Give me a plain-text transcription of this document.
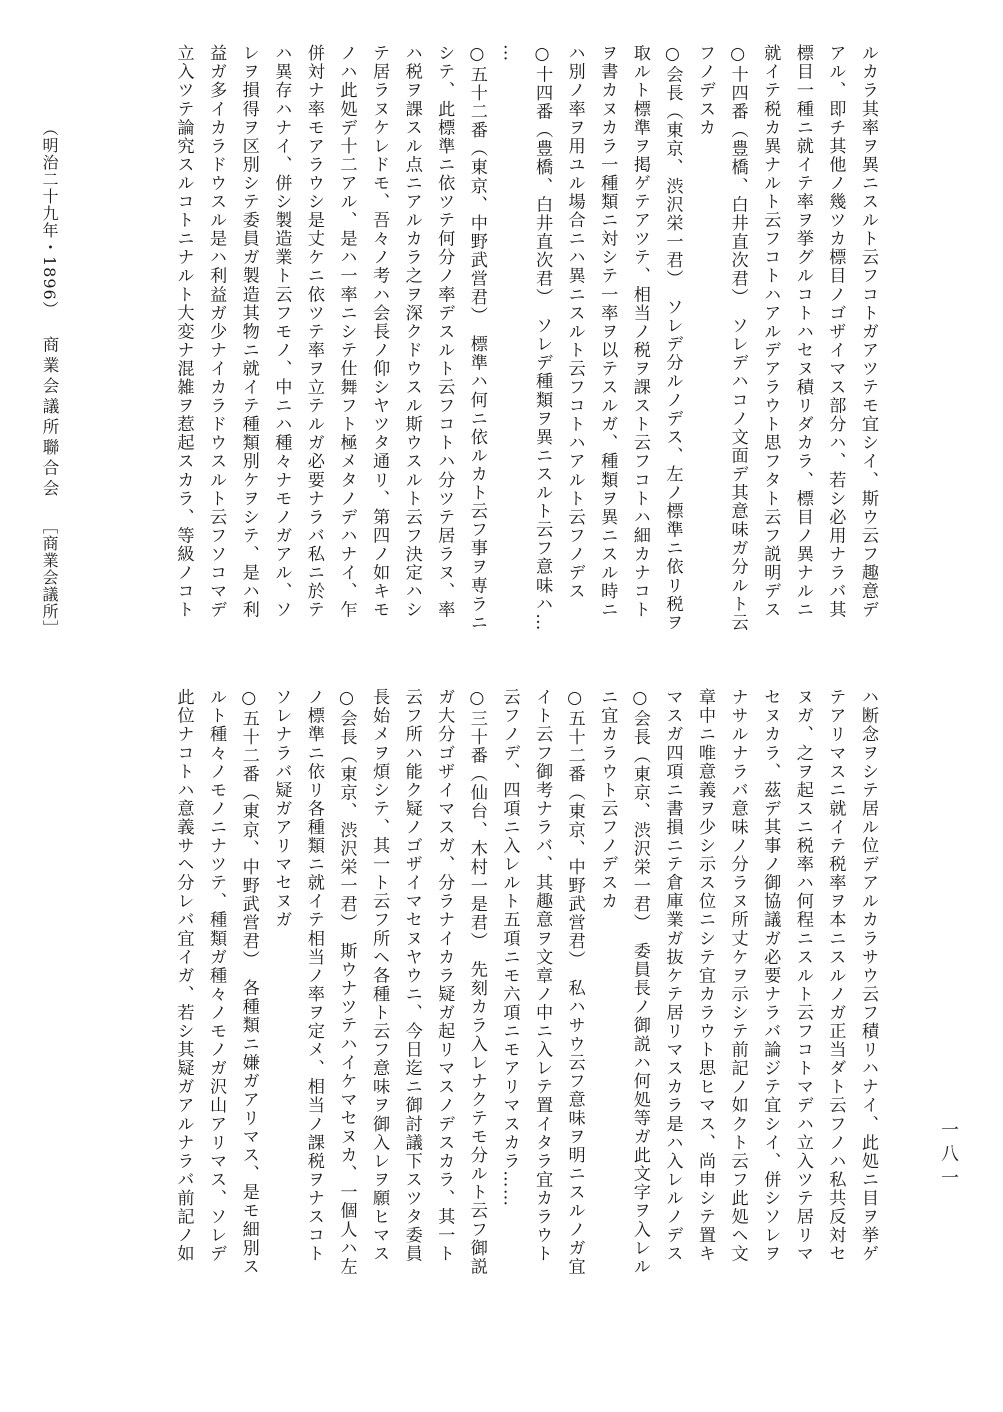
ルカラ其率ヲ異ニスルト云フコトガアツテモ宜シイ、斯ウ云フ趣意デ
アル、即チ其他ノ幾ツカ標目ノゴザイマス部分ハ、若シ必用ナラバ其
標目一種ニ就イテ率ヲ挙グルコトハセヌ積リダカラ、標目ノ異ナルニ
就イテ税カ異ナルト云フコトハアルデアラウト思フタト云フ説明デス
○十四番（豊橋、白井直次君）　ソレデハコノ文面デ其意味ガ分ルト云
フノデスカ
○会長（東京、渋沢栄一君）　ソレデ分ルノデス、左ノ標準ニ依リ税ヲ
取ルト標準ヲ掲ゲテアツテ、相当ノ税ヲ課スト云フコトハ細カナコト
ヲ書カヌカラ一種類ニ対シテ一率ヲ以テスルガ、種類ヲ異ニスル時ニ
ハ別ノ率ヲ用ユル場合ニハ異ニスルト云フコトハアルト云フノデス
○十四番（豊橋、白井直次君）　ソレデ種類ヲ異ニスルト云フ意味ハ…
…
○五十二番（東京、中野武営君）　標準ハ何ニ依ルカト云フ事ヲ専ラニ
シテ、此標準ニ依ツテ何分ノ率デスルト云フコトハ分ツテ居ラヌ、率
ハ税ヲ課スル点ニアルカラ之ヲ深クドウスル斯ウスルト云フ決定ハシ
テ居ラヌケレドモ、吾々ノ考ハ会長ノ仰シヤツタ通リ、第四ノ如キモ
ノハ此処デ十二アル、是ハ一率ニシテ仕舞フト極メタノデハナイ、乍
併対ナ率モアラウシ是丈ケニ依ツテ率ヲ立テルガ必要ナラバ私ニ於テ
ハ異存ハナイ、併シ製造業ト云フモノ、中ニハ種々ナモノガアル、ソ
レヲ損得ヲ区別シテ委員ガ製造其物ニ就イテ種類別ケヲシテ、是ハ利
益ガ多イカラドウスル是ハ利益ガ少ナイカラドウスルト云フソコマデ
立入ツテ論究スルコトニナルト大変ナ混雑ヲ惹起スカラ、等級ノコト
ハ断念ヲシテ居ル位デアルカラサウ云フ積リハナイ、此処ニ目ヲ挙ゲ
テアリマスニ就イテ税率ヲ本ニスルノガ正当ダト云フノハ私共反対セ
ヌガ、之ヲ起スニ税率ハ何程ニスルト云フコトマデハ立入ツテ居リマ
セヌカラ、茲デ其事ノ御協議ガ必要ナラバ論ジテ宜シイ、併シソレヲ
ナサルナラバ意味ノ分ラヌ所丈ケヲ示シテ前記ノ如クト云フ此処ヘ文
章中ニ唯意義ヲ少シ示ス位ニシテ宜カラウト思ヒマス、尚申シテ置キ
マスガ四項ニ書損ニテ倉庫業ガ抜ケテ居リマスカラ是ハ入レルノデス
○会長（東京、渋沢栄一君）　委員長ノ御説ハ何処等ガ此文字ヲ入レル
ニ宜カラウト云フノデスカ
○五十二番（東京、中野武営君）　私ハサウ云フ意味ヲ明ニスルノガ宜
イト云フ御考ナラバ、其趣意ヲ文章ノ中ニ入レテ置イタラ宜カラウト
云フノデ、四項ニ入レルト五項ニモ六項ニモアリマスカラ……
○三十番（仙台、木村一是君）　先刻カラ入レナクテモ分ルト云フ御説
ガ大分ゴザイマスガ、分ラナイカラ疑ガ起リマスノデスカラ、其一ト
云フ所ハ能ク疑ノゴザイマセヌヤウニ、今日迄ニ御討議下スツタ委員
長始メヲ煩シテ、其一ト云フ所ヘ各種ト云フ意味ヲ御入レヲ願ヒマス
○会長（東京、渋沢栄一君）　斯ウナツテハイケマセヌカ、一個人ハ左
ノ標準ニ依リ各種類ニ就イテ相当ノ率ヲ定メ、相当ノ課税ヲナスコト
ソレナラバ疑ガアリマセヌガ
○五十二番（東京、中野武営君）　各種類ニ嫌ガアリマス、是モ細別ス
ルト種々ノモノニナツテ、種類ガ種々ノモノガ沢山アリマス、ソレデ
此位ナコトハ意義サヘ分レバ宜イガ、若シ其疑ガアルナラバ前記ノ如
［商業会議所］
商業会議所聯合会
（明治二十九年・1896）
一八一
